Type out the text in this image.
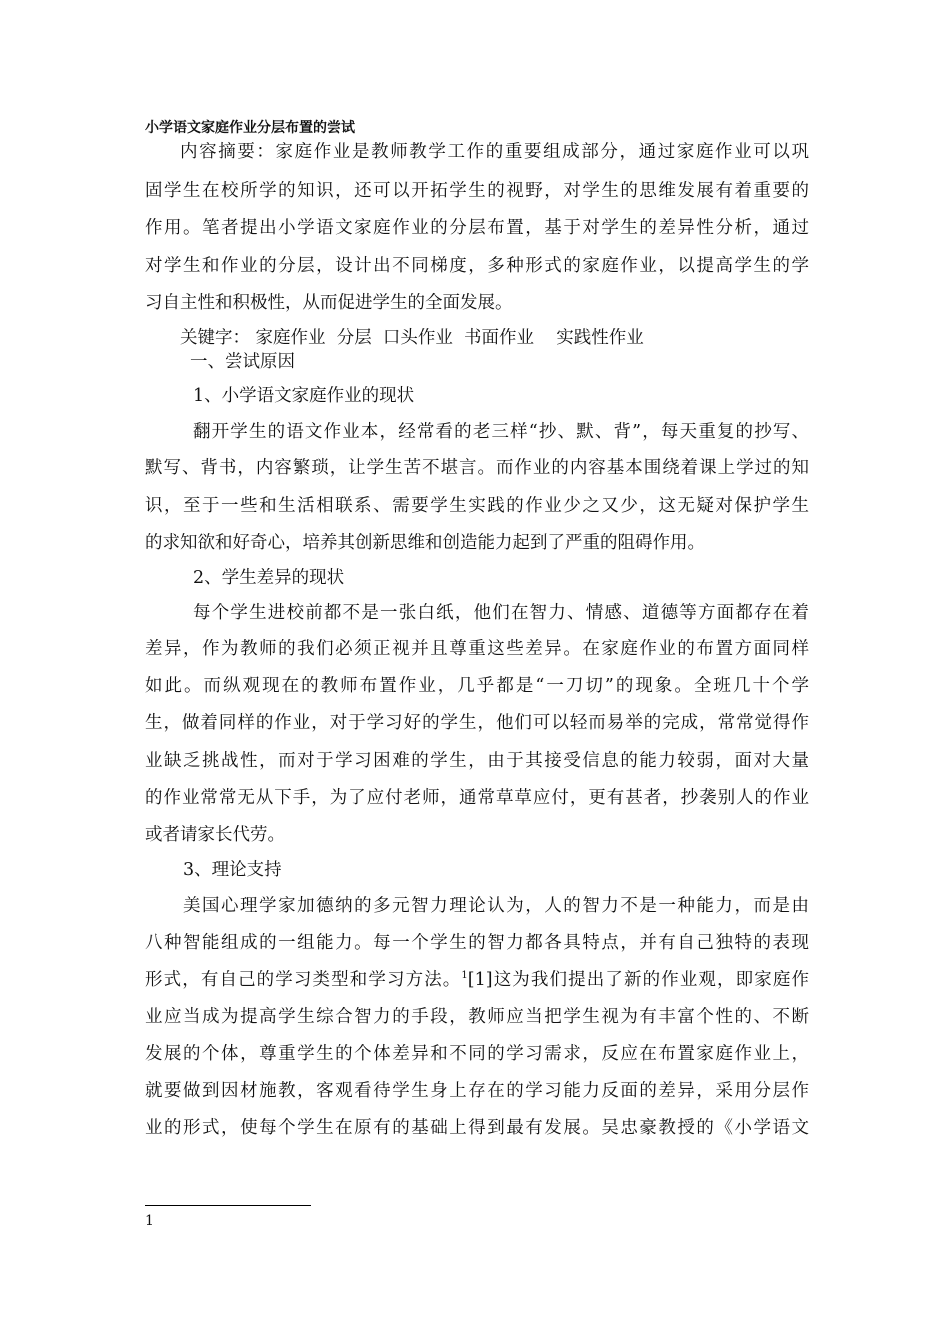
小学语文家庭作业分层布置的尝试
内容摘要：家庭作业是教师教学工作的重要组成部分，通过家庭作业可以巩
固学生在校所学的知识，还可以开拓学生的视野，对学生的思维发展有着重要的
作用。笔者提出小学语文家庭作业的分层布置，基于对学生的差异性分析，通过
对学生和作业的分层，设计出不同梯度，多种形式的家庭作业，以提高学生的学
习自主性和积极性，从而促进学生的全面发展。
关键字： 家庭作业  分层  口头作业  书面作业    实践性作业
一、尝试原因
1、小学语文家庭作业的现状
翻开学生的语文作业本，经常看的老三样“抄、默、背”，每天重复的抄写、
默写、背书，内容繁琐，让学生苦不堪言。而作业的内容基本围绕着课上学过的知
识，至于一些和生活相联系、需要学生实践的作业少之又少，这无疑对保护学生
的求知欲和好奇心，培养其创新思维和创造能力起到了严重的阻碍作用。
2、学生差异的现状
每个学生进校前都不是一张白纸，他们在智力、情感、道德等方面都存在着
差异，作为教师的我们必须正视并且尊重这些差异。在家庭作业的布置方面同样
如此。而纵观现在的教师布置作业，几乎都是“一刀切”的现象。全班几十个学
生，做着同样的作业，对于学习好的学生，他们可以轻而易举的完成，常常觉得作
业缺乏挑战性，而对于学习困难的学生，由于其接受信息的能力较弱，面对大量
的作业常常无从下手，为了应付老师，通常草草应付，更有甚者，抄袭别人的作业
或者请家长代劳。
3、理论支持
美国心理学家加德纳的多元智力理论认为，人的智力不是一种能力，而是由
八种智能组成的一组能力。每一个学生的智力都各具特点，并有自己独特的表现
形式，有自己的学习类型和学习方法。$^1$[1]这为我们提出了新的作业观，即家庭作
业应当成为提高学生综合智力的手段，教师应当把学生视为有丰富个性的、不断
发展的个体，尊重学生的个体差异和不同的学习需求，反应在布置家庭作业上，
就要做到因材施教，客观看待学生身上存在的学习能力反面的差异，采用分层作
业的形式，使每个学生在原有的基础上得到最有发展。吴忠豪教授的《小学语文
1
